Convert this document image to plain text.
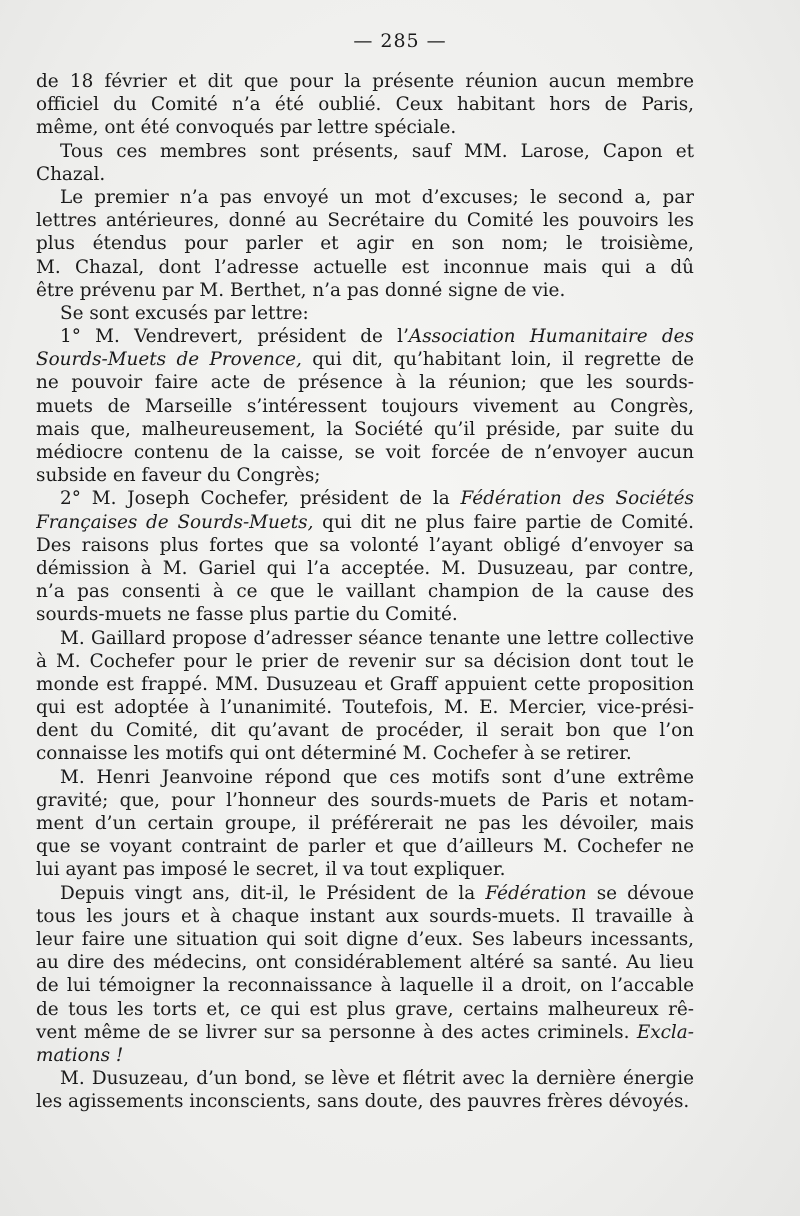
— 285 —
de 18 février et dit que pour la présente réunion aucun membre
officiel du Comité n’a été oublié. Ceux habitant hors de Paris,
même, ont été convoqués par lettre spéciale.
Tous ces membres sont présents, sauf MM. Larose, Capon et
Chazal.
Le premier n’a pas envoyé un mot d’excuses; le second a, par
lettres antérieures, donné au Secrétaire du Comité les pouvoirs les
plus étendus pour parler et agir en son nom; le troisième,
M. Chazal, dont l’adresse actuelle est inconnue mais qui a dû
être prévenu par M. Berthet, n’a pas donné signe de vie.
Se sont excusés par lettre:
1° M. Vendrevert, président de l’Association Humanitaire des
Sourds-Muets de Provence, qui dit, qu’habitant loin, il regrette de
ne pouvoir faire acte de présence à la réunion; que les sourds-
muets de Marseille s’intéressent toujours vivement au Congrès,
mais que, malheureusement, la Société qu’il préside, par suite du
médiocre contenu de la caisse, se voit forcée de n’envoyer aucun
subside en faveur du Congrès;
2° M. Joseph Cochefer, président de la Fédération des Sociétés
Françaises de Sourds-Muets, qui dit ne plus faire partie de Comité.
Des raisons plus fortes que sa volonté l’ayant obligé d’envoyer sa
démission à M. Gariel qui l’a acceptée. M. Dusuzeau, par contre,
n’a pas consenti à ce que le vaillant champion de la cause des
sourds-muets ne fasse plus partie du Comité.
M. Gaillard propose d’adresser séance tenante une lettre collective
à M. Cochefer pour le prier de revenir sur sa décision dont tout le
monde est frappé. MM. Dusuzeau et Graff appuient cette proposition
qui est adoptée à l’unanimité. Toutefois, M. E. Mercier, vice-prési-
dent du Comité, dit qu’avant de procéder, il serait bon que l’on
connaisse les motifs qui ont déterminé M. Cochefer à se retirer.
M. Henri Jeanvoine répond que ces motifs sont d’une extrême
gravité; que, pour l’honneur des sourds-muets de Paris et notam-
ment d’un certain groupe, il préférerait ne pas les dévoiler, mais
que se voyant contraint de parler et que d’ailleurs M. Cochefer ne
lui ayant pas imposé le secret, il va tout expliquer.
Depuis vingt ans, dit-il, le Président de la Fédération se dévoue
tous les jours et à chaque instant aux sourds-muets. Il travaille à
leur faire une situation qui soit digne d’eux. Ses labeurs incessants,
au dire des médecins, ont considérablement altéré sa santé. Au lieu
de lui témoigner la reconnaissance à laquelle il a droit, on l’accable
de tous les torts et, ce qui est plus grave, certains malheureux rê-
vent même de se livrer sur sa personne à des actes criminels. Excla-
mations !
M. Dusuzeau, d’un bond, se lève et flétrit avec la dernière énergie
les agissements inconscients, sans doute, des pauvres frères dévoyés.
